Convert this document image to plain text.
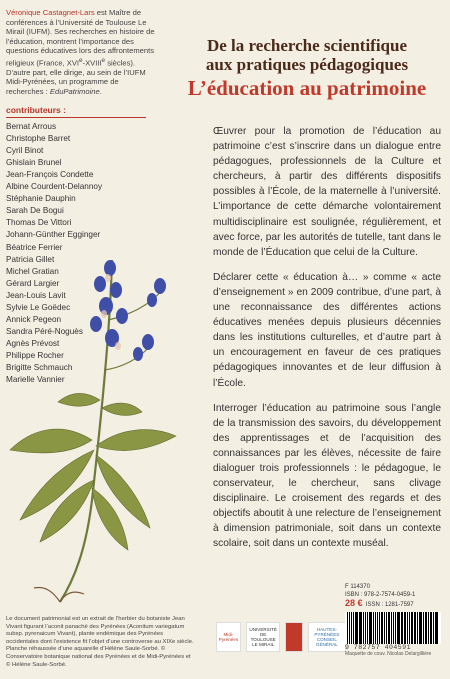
Véronique Castagnet-Lars est Maître de conférences à l’Université de Toulouse Le Mirail (IUFM). Ses recherches en histoire de l’éducation, montrent l’importance des questions éducatives lors des affrontements religieux (France, XVIe-XVIIIe siècles). D’autre part, elle dirige, au sein de l’IUFM Midi-Pyrénées, un programme de recherches : EduPatrimoine.
contributeurs :
Bernat Arrous
Christophe Barret
Cyril Binot
Ghislain Brunel
Jean-François Condette
Albine Courdent-Delannoy
Stéphanie Dauphin
Sarah De Bogui
Thomas De Vittori
Johann-Günther Egginger
Béatrice Ferrier
Patricia Gillet
Michel Gratian
Gérard Largier
Jean-Louis Lavit
Sylvie Le Goëdec
Annick Pegeon
Sandra Péré-Noguès
Agnès Prévost
Philippe Rocher
Brigitte Schmauch
Marielle Vannier
De la recherche scientifique
aux pratiques pédagogiques
L’éducation au patrimoine

Œuvrer pour la promotion de l’éducation au patrimoine c’est s’inscrire dans un dialogue entre pédagogues, professionnels de la Culture et chercheurs, à partir des différents dispositifs possibles à l’École, de la maternelle à l’université. L’importance de cette démarche volontairement multidisciplinaire est soulignée, régulièrement, et avec force, par les autorités de tutelle, tant dans le monde de l’Éducation que celui de la Culture.

Déclarer cette « éducation à… » comme « acte d’enseignement » en 2009 contribue, d’une part, à une reconnaissance des différentes actions éducatives menées depuis plusieurs décennies dans les institutions culturelles, et d’autre part à un encouragement en faveur de ces pratiques pédagogiques innovantes et de leur diffusion à l’École.

Interroger l’éducation au patrimoine sous l’angle de la transmission des savoirs, du développement des apprentissages et de l’acquisition des connaissances par les élèves, nécessite de faire dialoguer trois professionnels : le pédagogue, le conservateur, le chercheur, sans clivage disciplinaire. Le croisement des regards et des objectifs aboutit à une relecture de l’enseignement à dimension patrimoniale, soit dans un contexte scolaire, soit dans un contexte muséal.

Le document patrimonial est un extrait de l’herbier du botaniste Jean Vivant figurant l’aconit panaché des Pyrénées (Aconitum variegatum subsp. pyrenaicum Vivant), plante endémique des Pyrénées occidentales dont l’existence fit l’objet d’une controverse au XIXe siècle. Planche réhaussée d’une aquarelle d’Hélène Saule-Sorbé. © Conservatoire botanique national des Pyrénées et de Midi-Pyrénées et © Hélène Saule-Sorbé.
Midi-Pyrénées
UNIVERSITÉ DE TOULOUSE LE MIRAIL
HAUTES-PYRÉNÉES CONSEIL GÉNÉRAL
F 114370
ISBN : 978-2-7574-0459-1
28 € ISSN : 1281-7597
9 782757 404591
Maquette de couv. Nicolas Delargillière
